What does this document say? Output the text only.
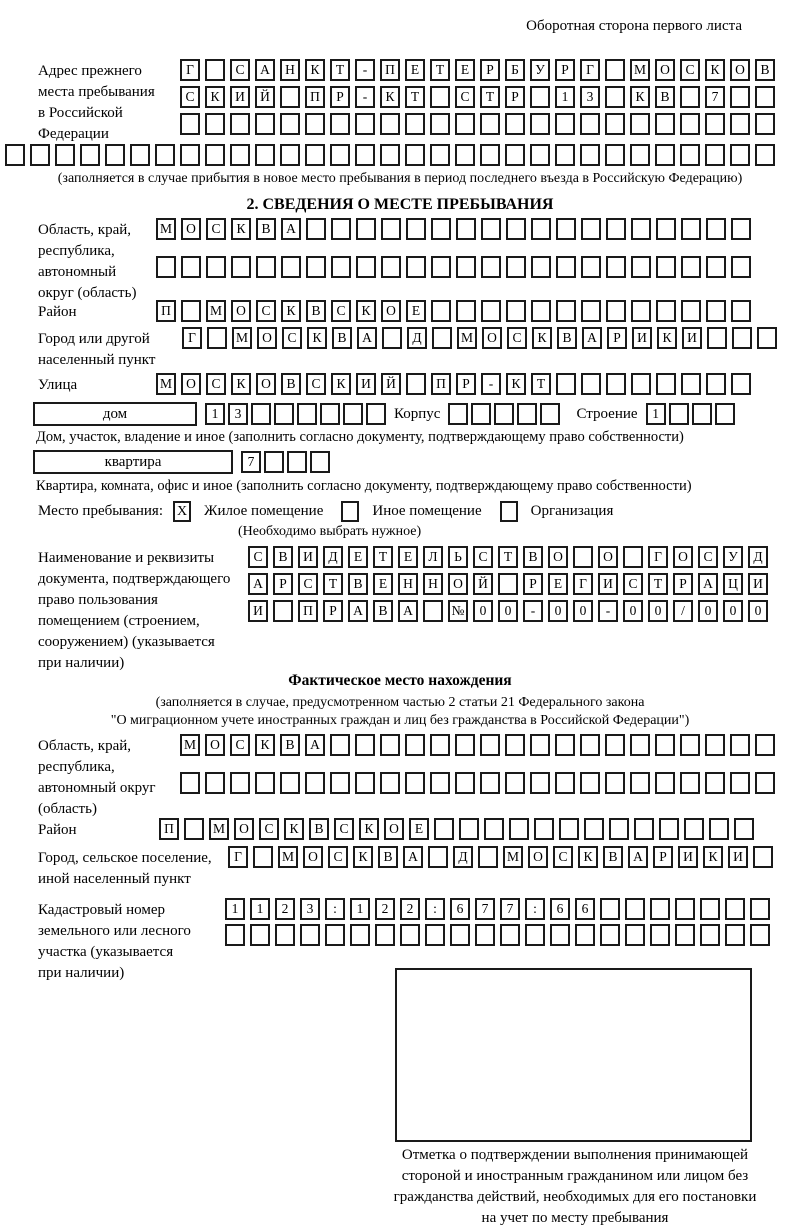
Оборотная сторона первого листа
Адрес прежнего
места пребывания
в Российской
Федерации
Г	С	А	Н	К	Т	-	П	Е	Т	Е	Р	Б	У	Р	Г	М	О	С	К	О	В
С	К	И	Й	П	Р	-	К	Т	С	Т	Р	1	3	К	В	7
(заполняется в случае прибытия в новое место пребывания в период последнего въезда в Российскую Федерацию)
2. СВЕДЕНИЯ О МЕСТЕ ПРЕБЫВАНИЯ
Область, край,
республика,
автономный
округ (область)
М	О	С	К	В	А
Район	П	М	О	С	К	В	С	К	О	Е
Город или другой
населенный пункт
Г	М	О	С	К	В	А	Д	М	О	С	К	В	А	Р	И	К	И
Улица	М	О	С	К	О	В	С	К	И	Й	П	Р	-	К	Т
дом	1	3	Корпус	Строение	1
Дом, участок, владение и иное (заполнить согласно документу, подтверждающему право собственности)
квартира	7
Квартира, комната, офис и иное (заполнить согласно документу, подтверждающему право собственности)
Место пребывания: X Жилое помещение	Иное помещение	Организация
(Необходимо выбрать нужное)
Наименование и реквизиты
документа, подтверждающего
право пользования
помещением (строением,
сооружением) (указывается
при наличии)
С	В	И	Д	Е	Т	Е	Л	Ь	С	Т	В	О	О	Г	О	С	У	Д
А	Р	С	Т	В	Е	Н	Н	О	Й	Р	Е	Г	И	С	Т	Р	А	Ц	И
И	П	Р	А	В	А	№	0	0	-	0	0	-	0	0	/	0	0	0
Фактическое место нахождения
(заполняется в случае, предусмотренном частью 2 статьи 21 Федерального закона
"О миграционном учете иностранных граждан и лиц без гражданства в Российской Федерации")
Область, край,
республика,
автономный округ
(область)
М	О	С	К	В	А
Район	П	М	О	С	К	В	С	К	О	Е
Город, сельское поселение,
иной населенный пункт
Г	М	О	С	К	В	А	Д	М	О	С	К	В	А	Р	И	К	И
Кадастровый номер
земельного или лесного
участка (указывается
при наличии)
1	1	2	3	:	1	2	2	:	6	7	7	:	6	6
Отметка о подтверждении выполнения принимающей
стороной и иностранным гражданином или лицом без
гражданства действий, необходимых для его постановки
на учет по месту пребывания
